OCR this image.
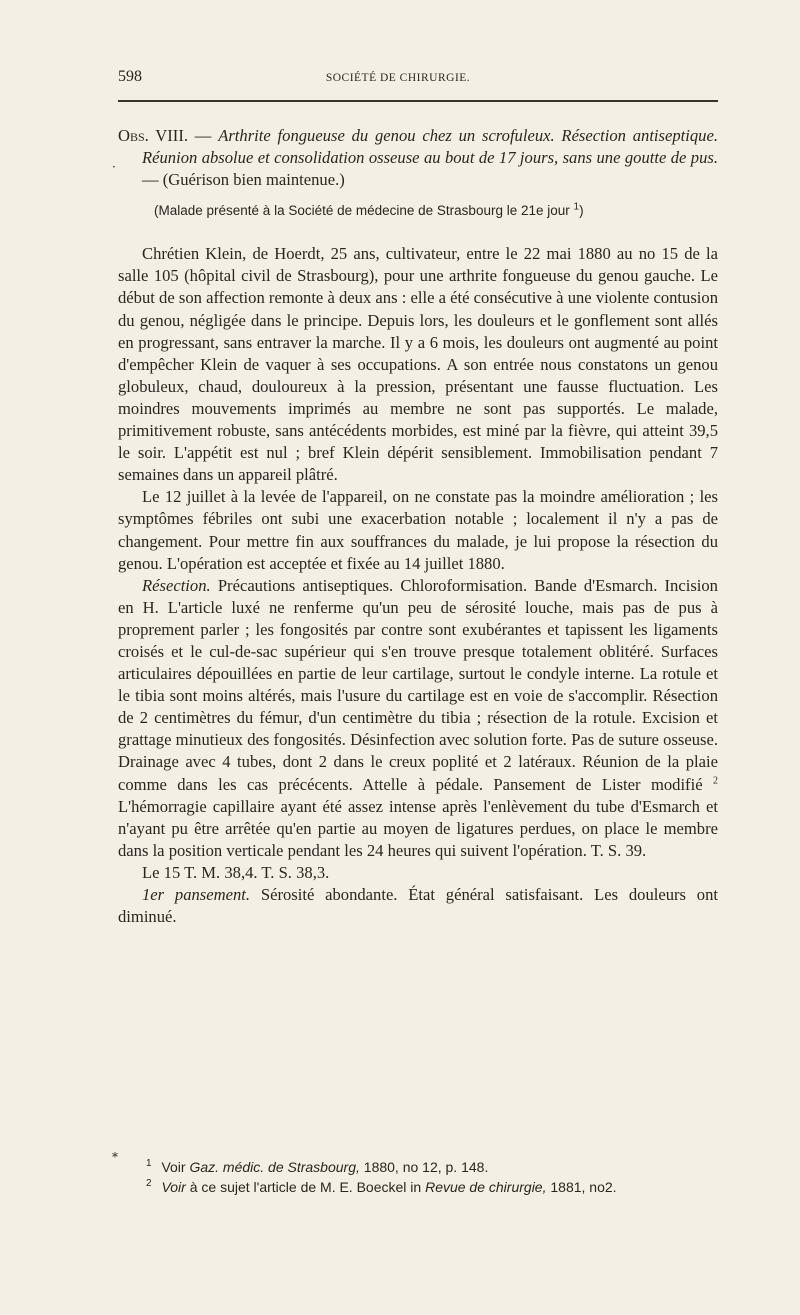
598	SOCIÉTÉ DE CHIRURGIE.
·

Obs. VIII. — Arthrite fongueuse du genou chez un scrofuleux. Résection antiseptique. Réunion absolue et consolidation osseuse au bout de 17 jours, sans une goutte de pus. — (Guérison bien maintenue.)

(Malade présenté à la Société de médecine de Strasbourg le 21e jour $^1$)

Chrétien Klein, de Hoerdt, 25 ans, cultivateur, entre le 22 mai 1880 au no 15 de la salle 105 (hôpital civil de Strasbourg), pour une arthrite fongueuse du genou gauche. Le début de son affection remonte à deux ans : elle a été consécutive à une violente contusion du genou, négligée dans le principe. Depuis lors, les douleurs et le gonflement sont allés en progressant, sans entraver la marche. Il y a 6 mois, les douleurs ont augmenté au point d'empêcher Klein de vaquer à ses occupations. A son entrée nous constatons un genou globuleux, chaud, douloureux à la pression, présentant une fausse fluctuation. Les moindres mouvements imprimés au membre ne sont pas supportés. Le malade, primitivement robuste, sans antécédents morbides, est miné par la fièvre, qui atteint 39,5 le soir. L'appétit est nul ; bref Klein dépérit sensiblement. Immobilisation pendant 7 semaines dans un appareil plâtré.

Le 12 juillet à la levée de l'appareil, on ne constate pas la moindre amélioration ; les symptômes fébriles ont subi une exacerbation notable ; localement il n'y a pas de changement. Pour mettre fin aux souffrances du malade, je lui propose la résection du genou. L'opération est acceptée et fixée au 14 juillet 1880.

Résection. Précautions antiseptiques. Chloroformisation. Bande d'Esmarch. Incision en H. L'article luxé ne renferme qu'un peu de sérosité louche, mais pas de pus à proprement parler ; les fongosités par contre sont exubérantes et tapissent les ligaments croisés et le cul-de-sac supérieur qui s'en trouve presque totalement oblitéré. Surfaces articulaires dépouillées en partie de leur cartilage, surtout le condyle interne. La rotule et le tibia sont moins altérés, mais l'usure du cartilage est en voie de s'accomplir. Résection de 2 centimètres du fémur, d'un centimètre du tibia ; résection de la rotule. Excision et grattage minutieux des fongosités. Désinfection avec solution forte. Pas de suture osseuse. Drainage avec 4 tubes, dont 2 dans le creux poplité et 2 latéraux. Réunion de la plaie comme dans les cas précécents. Attelle à pédale. Pansement de Lister modifié $^2$ L'hémorragie capillaire ayant été assez intense après l'enlèvement du tube d'Esmarch et n'ayant pu être arrêtée qu'en partie au moyen de ligatures perdues, on place le membre dans la position verticale pendant les 24 heures qui suivent l'opération. T. S. 39.

Le 15 T. M. 38,4. T. S. 38,3.

1er pansement. Sérosité abondante. État général satisfaisant. Les douleurs ont diminué.

*	$^1$ Voir Gaz. médic. de Strasbourg, 1880, no 12, p. 148.

$^2$ Voir à ce sujet l'article de M. E. Boeckel in Revue de chirurgie, 1881, no2.
